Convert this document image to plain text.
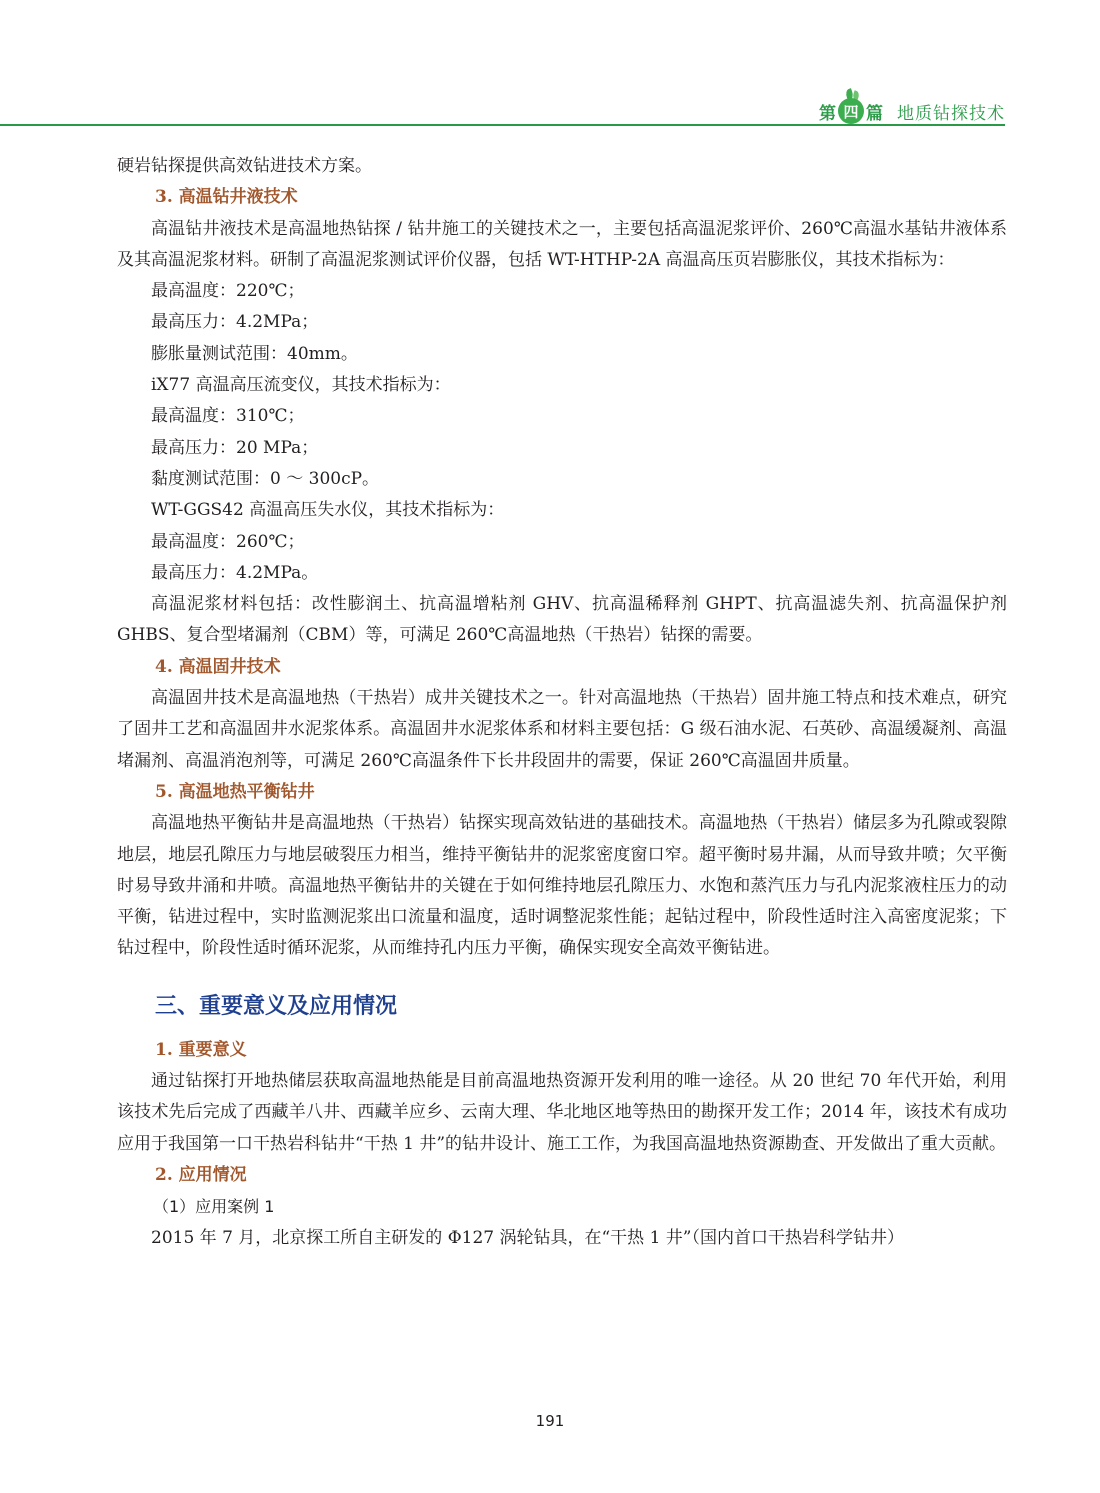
第 四 篇 地质钻探技术

硬岩钻探提供高效钻进技术方案。

3. 高温钻井液技术

高温钻井液技术是高温地热钻探 / 钻井施工的关键技术之一，主要包括高温泥浆评价、260℃高温水基钻井液体系及其高温泥浆材料。研制了高温泥浆测试评价仪器，包括 WT-HTHP-2A 高温高压页岩膨胀仪，其技术指标为：

最高温度：220℃；

最高压力：4.2MPa；

膨胀量测试范围：40mm。

iX77 高温高压流变仪，其技术指标为：

最高温度：310℃；

最高压力：20 MPa；

黏度测试范围：0 ～ 300cP。

WT-GGS42 高温高压失水仪，其技术指标为：

最高温度：260℃；

最高压力：4.2MPa。

高温泥浆材料包括：改性膨润土、抗高温增粘剂 GHV、抗高温稀释剂 GHPT、抗高温滤失剂、抗高温保护剂 GHBS、复合型堵漏剂（CBM）等，可满足 260℃高温地热（干热岩）钻探的需要。

4. 高温固井技术

高温固井技术是高温地热（干热岩）成井关键技术之一。针对高温地热（干热岩）固井施工特点和技术难点，研究了固井工艺和高温固井水泥浆体系。高温固井水泥浆体系和材料主要包括：G 级石油水泥、石英砂、高温缓凝剂、高温堵漏剂、高温消泡剂等，可满足 260℃高温条件下长井段固井的需要，保证 260℃高温固井质量。

5. 高温地热平衡钻井

高温地热平衡钻井是高温地热（干热岩）钻探实现高效钻进的基础技术。高温地热（干热岩）储层多为孔隙或裂隙地层，地层孔隙压力与地层破裂压力相当，维持平衡钻井的泥浆密度窗口窄。超平衡时易井漏，从而导致井喷；欠平衡时易导致井涌和井喷。高温地热平衡钻井的关键在于如何维持地层孔隙压力、水饱和蒸汽压力与孔内泥浆液柱压力的动平衡，钻进过程中，实时监测泥浆出口流量和温度，适时调整泥浆性能；起钻过程中，阶段性适时注入高密度泥浆；下钻过程中，阶段性适时循环泥浆，从而维持孔内压力平衡，确保实现安全高效平衡钻进。

三、重要意义及应用情况

1. 重要意义

通过钻探打开地热储层获取高温地热能是目前高温地热资源开发利用的唯一途径。从 20 世纪 70 年代开始，利用该技术先后完成了西藏羊八井、西藏羊应乡、云南大理、华北地区地等热田的勘探开发工作；2014 年，该技术有成功应用于我国第一口干热岩科钻井“干热 1 井”的钻井设计、施工工作，为我国高温地热资源勘查、开发做出了重大贡献。

2. 应用情况

（1）应用案例 1

2015 年 7 月，北京探工所自主研发的 Φ127 涡轮钻具，在“干热 1 井”（国内首口干热岩科学钻井）

191
